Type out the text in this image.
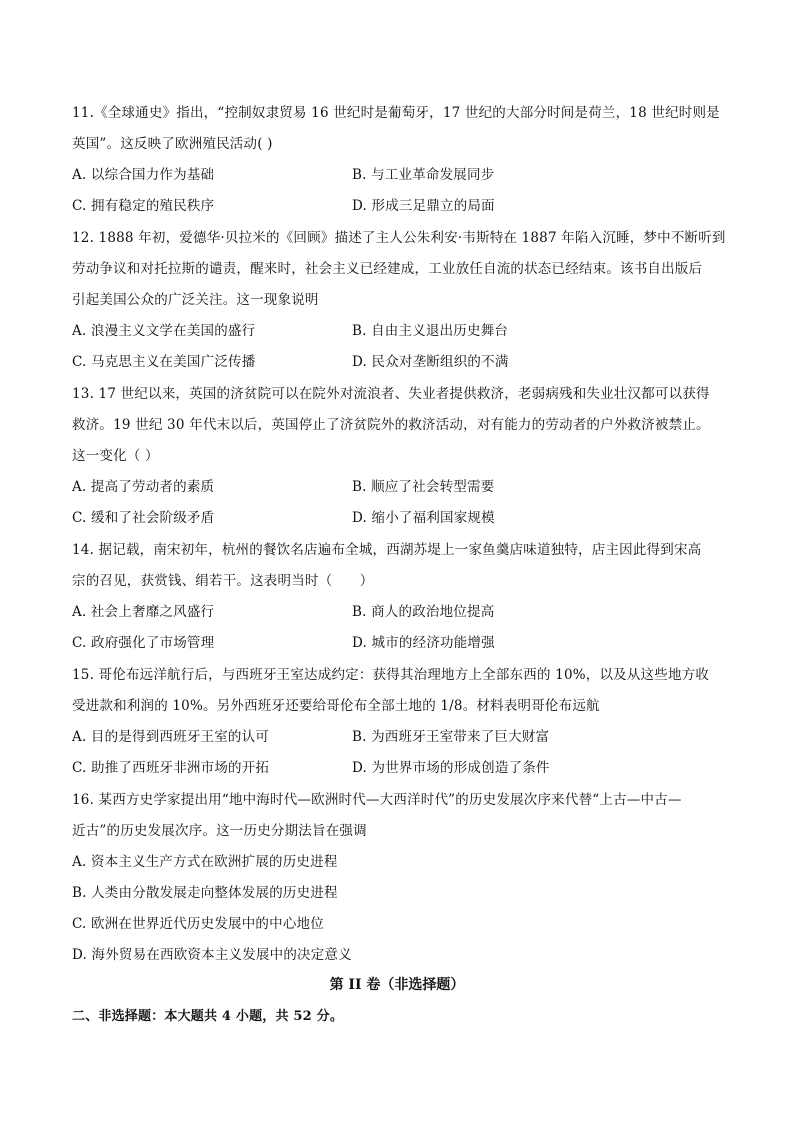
11.《全球通史》指出，“控制奴隶贸易 16 世纪时是葡萄牙，17 世纪的大部分时间是荷兰，18 世纪时则是
英国”。这反映了欧洲殖民活动( )
A. 以综合国力作为基础	B. 与工业革命发展同步
C. 拥有稳定的殖民秩序	D. 形成三足鼎立的局面
12. 1888 年初，爱德华·贝拉米的《回顾》描述了主人公朱利安·韦斯特在 1887 年陷入沉睡，梦中不断听到
劳动争议和对托拉斯的谴责，醒来时，社会主义已经建成，工业放任自流的状态已经结束。该书自出版后
引起美国公众的广泛关注。这一现象说明
A. 浪漫主义文学在美国的盛行	B. 自由主义退出历史舞台
C. 马克思主义在美国广泛传播	D. 民众对垄断组织的不满
13. 17 世纪以来，英国的济贫院可以在院外对流浪者、失业者提供救济，老弱病残和失业壮汉都可以获得
救济。19 世纪 30 年代末以后，英国停止了济贫院外的救济活动，对有能力的劳动者的户外救济被禁止。
这一变化（ ）
A. 提高了劳动者的素质	B. 顺应了社会转型需要
C. 缓和了社会阶级矛盾	D. 缩小了福利国家规模
14. 据记载，南宋初年，杭州的餐饮名店遍布全城，西湖苏堤上一家鱼羹店味道独特，店主因此得到宋高
宗的召见，获赏钱、绢若干。这表明当时（　　）
A. 社会上奢靡之风盛行	B. 商人的政治地位提高
C. 政府强化了市场管理	D. 城市的经济功能增强
15. 哥伦布远洋航行后，与西班牙王室达成约定：获得其治理地方上全部东西的 10%，以及从这些地方收
受进款和利润的 10%。另外西班牙还要给哥伦布全部土地的 1/8。材料表明哥伦布远航
A. 目的是得到西班牙王室的认可	B. 为西班牙王室带来了巨大财富
C. 助推了西班牙非洲市场的开拓	D. 为世界市场的形成创造了条件
16. 某西方史学家提出用“地中海时代—欧洲时代—大西洋时代”的历史发展次序来代替“上古—中古—
近古”的历史发展次序。这一历史分期法旨在强调
A. 资本主义生产方式在欧洲扩展的历史进程
B. 人类由分散发展走向整体发展的历史进程
C. 欧洲在世界近代历史发展中的中心地位
D. 海外贸易在西欧资本主义发展中的决定意义
第 II 卷（非选择题）
二、非选择题：本大题共 4 小题，共 52 分。
